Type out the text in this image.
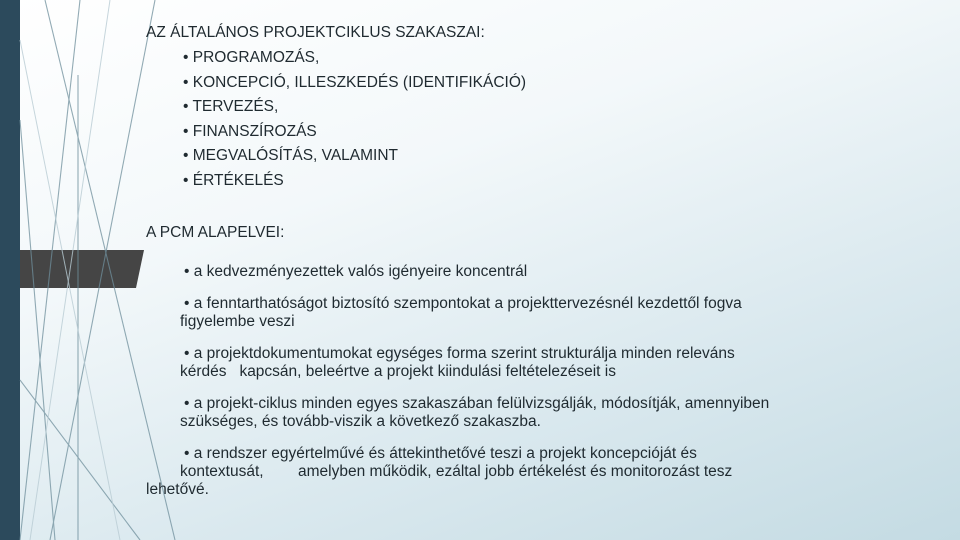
AZ ÁLTALÁNOS PROJEKTCIKLUS SZAKASZAI:
• PROGRAMOZÁS,
• KONCEPCIÓ, ILLESZKEDÉS (IDENTIFIKÁCIÓ)
• TERVEZÉS,
• FINANSZÍROZÁS
• MEGVALÓSÍTÁS, VALAMINT
• ÉRTÉKELÉS
A PCM ALAPELVEI:
• a kedvezményezettek valós igényeire koncentrál
• a fenntarthatóságot biztosító szempontokat a projekttervezésnél kezdettől fogva
figyelembe veszi
• a projektdokumentumokat egységes forma szerint strukturálja minden releváns
kérdés   kapcsán, beleértve a projekt kiindulási feltételezéseit is
• a projekt-ciklus minden egyes szakaszában felülvizsgálják, módosítják, amennyiben
szükséges, és tovább-viszik a következő szakaszba.
• a rendszer egyértelművé és áttekinthetővé teszi a projekt koncepcióját és
kontextusát,        amelyben működik, ezáltal jobb értékelést és monitorozást tesz
lehetővé.
